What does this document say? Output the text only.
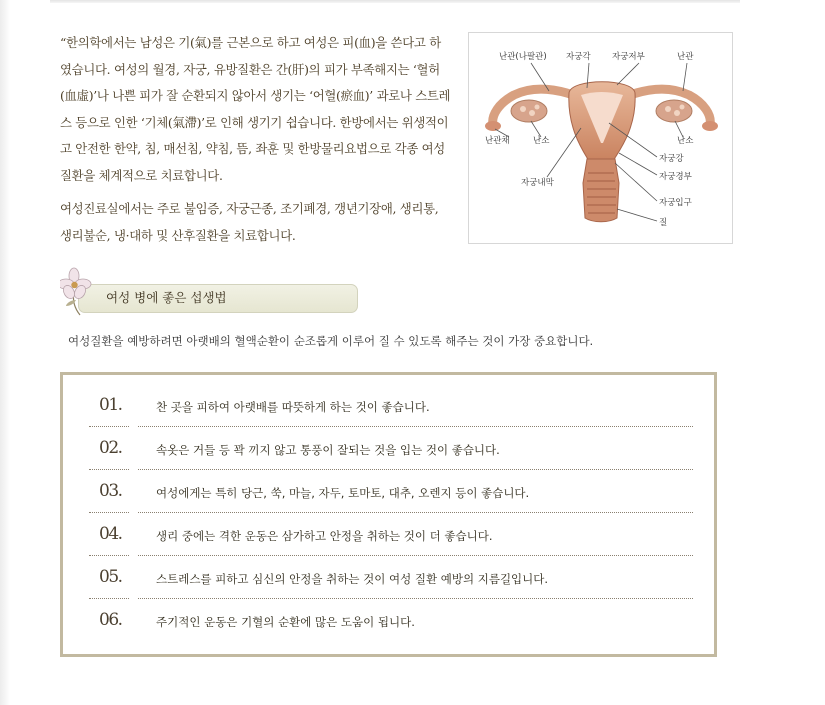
“한의학에서는 남성은 기(氣)를 근본으로 하고 여성은 피(血)을 쓴다고 하였습니다. 여성의 월경, 자궁, 유방질환은 간(肝)의 피가 부족해지는 ‘혈허(血虛)’나 나쁜 피가 잘 순환되지 않아서 생기는 ‘어혈(瘀血)’ 과로나 스트레스 등으로 인한 ‘기체(氣滯)’로 인해 생기기 쉽습니다. 한방에서는 위생적이고 안전한 한약, 침, 매선침, 약침, 뜸, 좌훈 및 한방물리요법으로 각종 여성질환을 체계적으로 치료합니다.

여성진료실에서는 주로 불임증, 자궁근종, 조기폐경, 갱년기장애, 생리통, 생리불순, 냉·대하 및 산후질환을 치료합니다.

난관(나팔관) 자궁각	자궁저부	난관
난관채	난소	난소
자궁강
자궁내막
자궁경부
자궁입구
질
여성 병에 좋은 섭생법
여성질환을 예방하려면 아랫배의 혈액순환이 순조롭게 이루어 질 수 있도록 해주는 것이 가장 중요합니다.
01.	찬 곳을 피하여 아랫배를 따뜻하게 하는 것이 좋습니다.
02.	속옷은 거들 등 꽉 끼지 않고 통풍이 잘되는 것을 입는 것이 좋습니다.
03.	여성에게는 특히 당근, 쑥, 마늘, 자두, 토마토, 대추, 오렌지 등이 좋습니다.
04.	생리 중에는 격한 운동은 삼가하고 안정을 취하는 것이 더 좋습니다.
05.	스트레스를 피하고 심신의 안정을 취하는 것이 여성 질환 예방의 지름길입니다.
06.	주기적인 운동은 기혈의 순환에 많은 도움이 됩니다.
